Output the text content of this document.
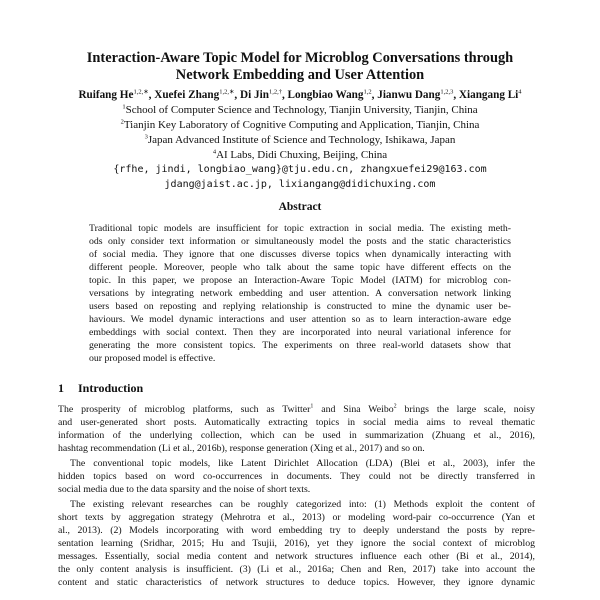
Interaction-Aware Topic Model for Microblog Conversations through
Network Embedding and User Attention
Ruifang $He^{1,2,∗}$, Xuefei Zhang$^{1,2,∗}$, Di Jin$^{1,2,\dagger}$, Longbiao Wang$^{1,2}$, Jianwu Dang$^{1,2,3}$, Xiangang Li$^4$
$^1$School of Computer Science and Technology, Tianjin University, Tianjin, China
$^2$Tianjin Key Laboratory of Cognitive Computing and Application, Tianjin, China
$^3$Japan Advanced Institute of Science and Technology, Ishikawa, Japan
$^4$AI Labs, Didi Chuxing, Beijing, China
{rfhe, jindi, longbiao_wang}@tju.edu.cn, zhangxuefei29@163.com
jdang@jaist.ac.jp, lixiangang@didichuxing.com
Abstract
Traditional topic models are insufficient for topic extraction in social media. The existing meth-
ods only consider text information or simultaneously model the posts and the static characteristics
of social media. They ignore that one discusses diverse topics when dynamically interacting with
different people. Moreover, people who talk about the same topic have different effects on the
topic. In this paper, we propose an Interaction-Aware Topic Model (IATM) for microblog con-
versations by integrating network embedding and user attention. A conversation network linking
users based on reposting and replying relationship is constructed to mine the dynamic user be-
haviours. We model dynamic interactions and user attention so as to learn interaction-aware edge
embeddings with social context. Then they are incorporated into neural variational inference for
generating the more consistent topics. The experiments on three real-world datasets show that
our proposed model is effective.
1 Introduction
The prosperity of microblog platforms, such as Twitter$^1$ and Sina Weibo$^2$ brings the large scale, noisy
and user-generated short posts. Automatically extracting topics in social media aims to reveal thematic
information of the underlying collection, which can be used in summarization (Zhuang et al., 2016),
hashtag recommendation (Li et al., 2016b), response generation (Xing et al., 2017) and so on.
The conventional topic models, like Latent Dirichlet Allocation (LDA) (Blei et al., 2003), infer the
hidden topics based on word co-occurrences in documents. They could not be directly transferred in
social media due to the data sparsity and the noise of short texts.
The existing relevant researches can be roughly categorized into: (1) Methods exploit the content of
short texts by aggregation strategy (Mehrotra et al., 2013) or modeling word-pair co-occurrence (Yan et
al., 2013). (2) Models incorporating with word embedding try to deeply understand the posts by repre-
sentation learning (Sridhar, 2015; Hu and Tsujii, 2016), yet they ignore the social context of microblog
messages. Essentially, social media content and network structures influence each other (Bi et al., 2014),
the only content analysis is insufficient. (3) (Li et al., 2016a; Chen and Ren, 2017) take into account the
content and static characteristics of network structures to deduce topics. However, they ignore dynamic
